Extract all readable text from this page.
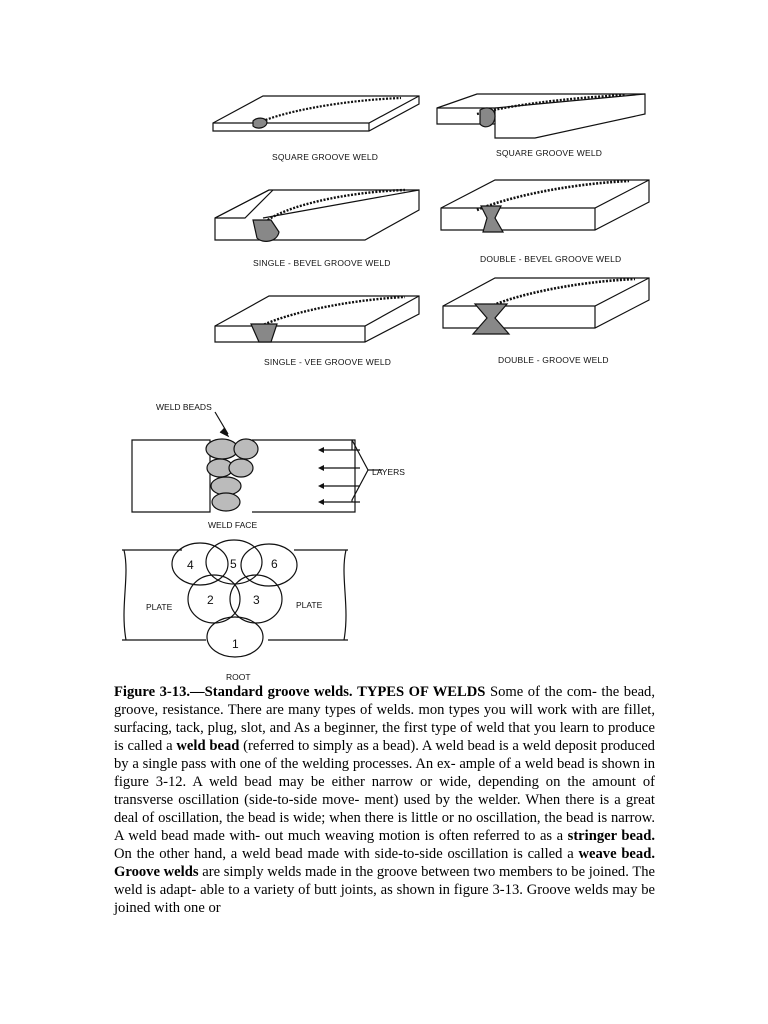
SQUARE GROOVE WELD	SQUARE GROOVE WELD
SINGLE - BEVEL GROOVE WELD	DOUBLE - BEVEL GROOVE WELD
SINGLE - VEE GROOVE WELD	DOUBLE - GROOVE WELD
WELD BEADS
LAYERS
WELD FACE
4	5	6
2	3
1
PLATE	PLATE
ROOT
Figure 3-13.—Standard groove welds. TYPES OF WELDS Some of the com- the bead, groove, resistance. There are many types of welds. mon types you will work with are fillet, surfacing, tack, plug, slot, and As a beginner, the first type of weld that you learn to produce is called a weld bead (referred to simply as a bead). A weld bead is a weld deposit produced by a single pass with one of the welding processes. An ex- ample of a weld bead is shown in figure 3-12. A weld bead may be either narrow or wide, depending on the amount of transverse oscillation (side-to-side move- ment) used by the welder. When there is a great deal of oscillation, the bead is wide; when there is little or no oscillation, the bead is narrow. A weld bead made with- out much weaving motion is often referred to as a stringer bead. On the other hand, a weld bead made with side-to-side oscillation is called a weave bead. Groove welds are simply welds made in the groove between two members to be joined. The weld is adapt- able to a variety of butt joints, as shown in figure 3-13. Groove welds may be joined with one or
